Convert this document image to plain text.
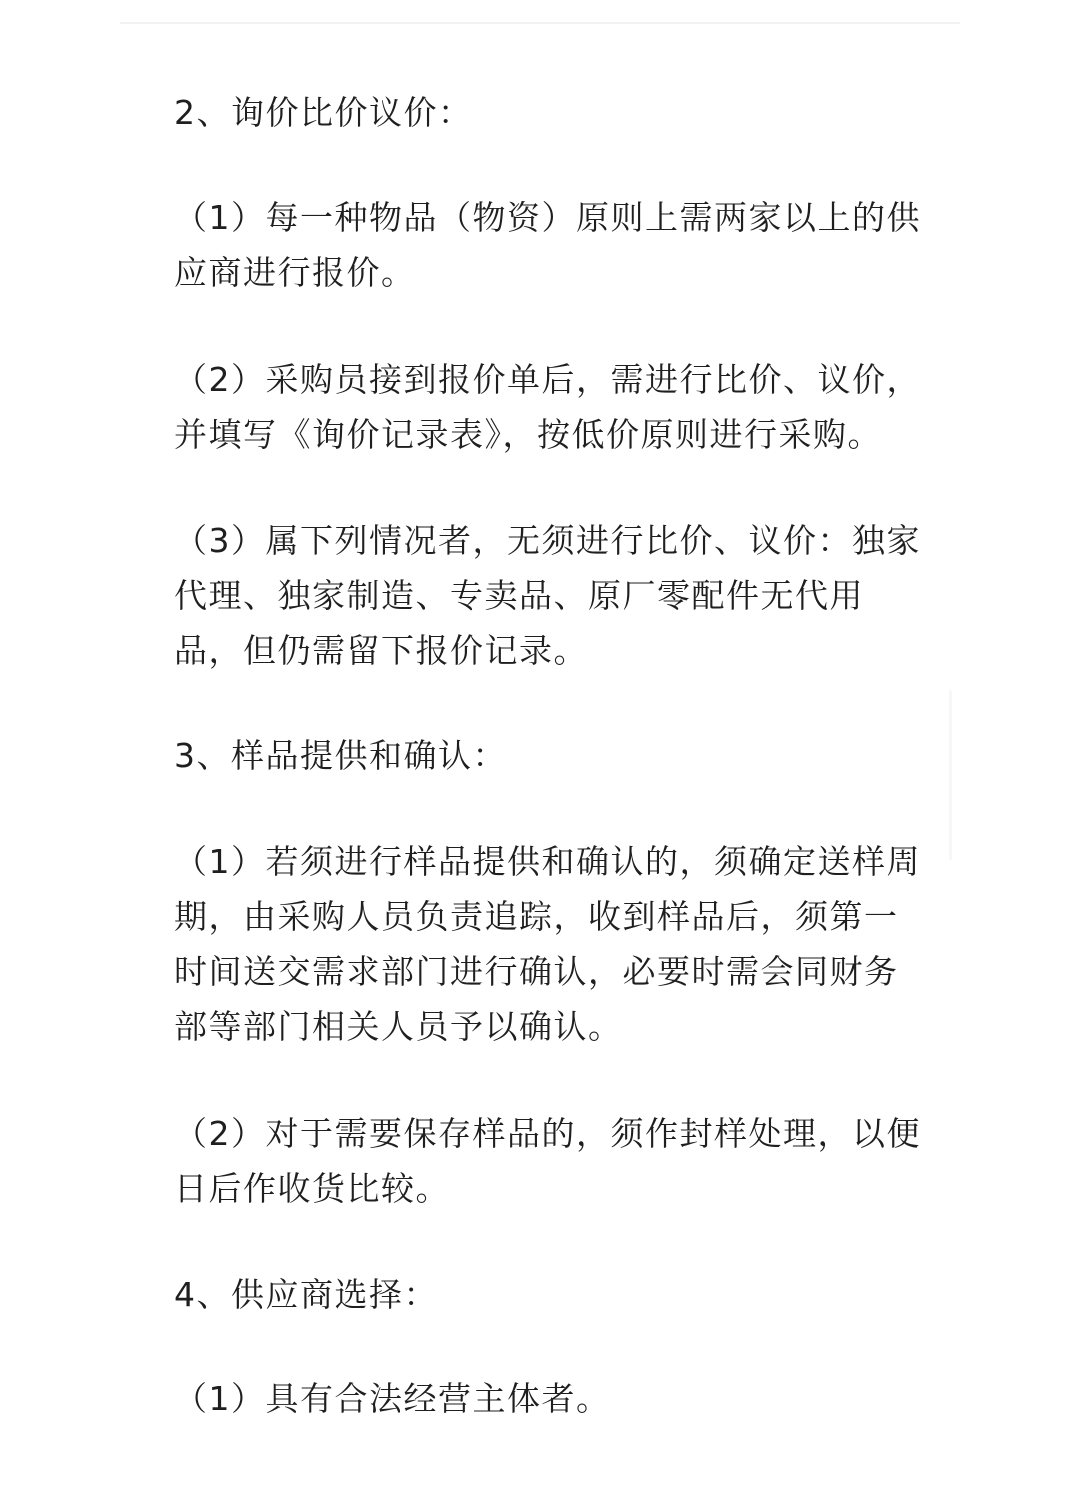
2、询价比价议价：

（1）每一种物品（物资）原则上需两家以上的供
应商进行报价。

（2）采购员接到报价单后，需进行比价、议价，
并填写《询价记录表》，按低价原则进行采购。

（3）属下列情况者，无须进行比价、议价：独家
代理、独家制造、专卖品、原厂零配件无代用
品，但仍需留下报价记录。

3、样品提供和确认：

（1）若须进行样品提供和确认的，须确定送样周
期，由采购人员负责追踪，收到样品后，须第一
时间送交需求部门进行确认，必要时需会同财务
部等部门相关人员予以确认。

（2）对于需要保存样品的，须作封样处理，以便
日后作收货比较。

4、供应商选择：

（1）具有合法经营主体者。
